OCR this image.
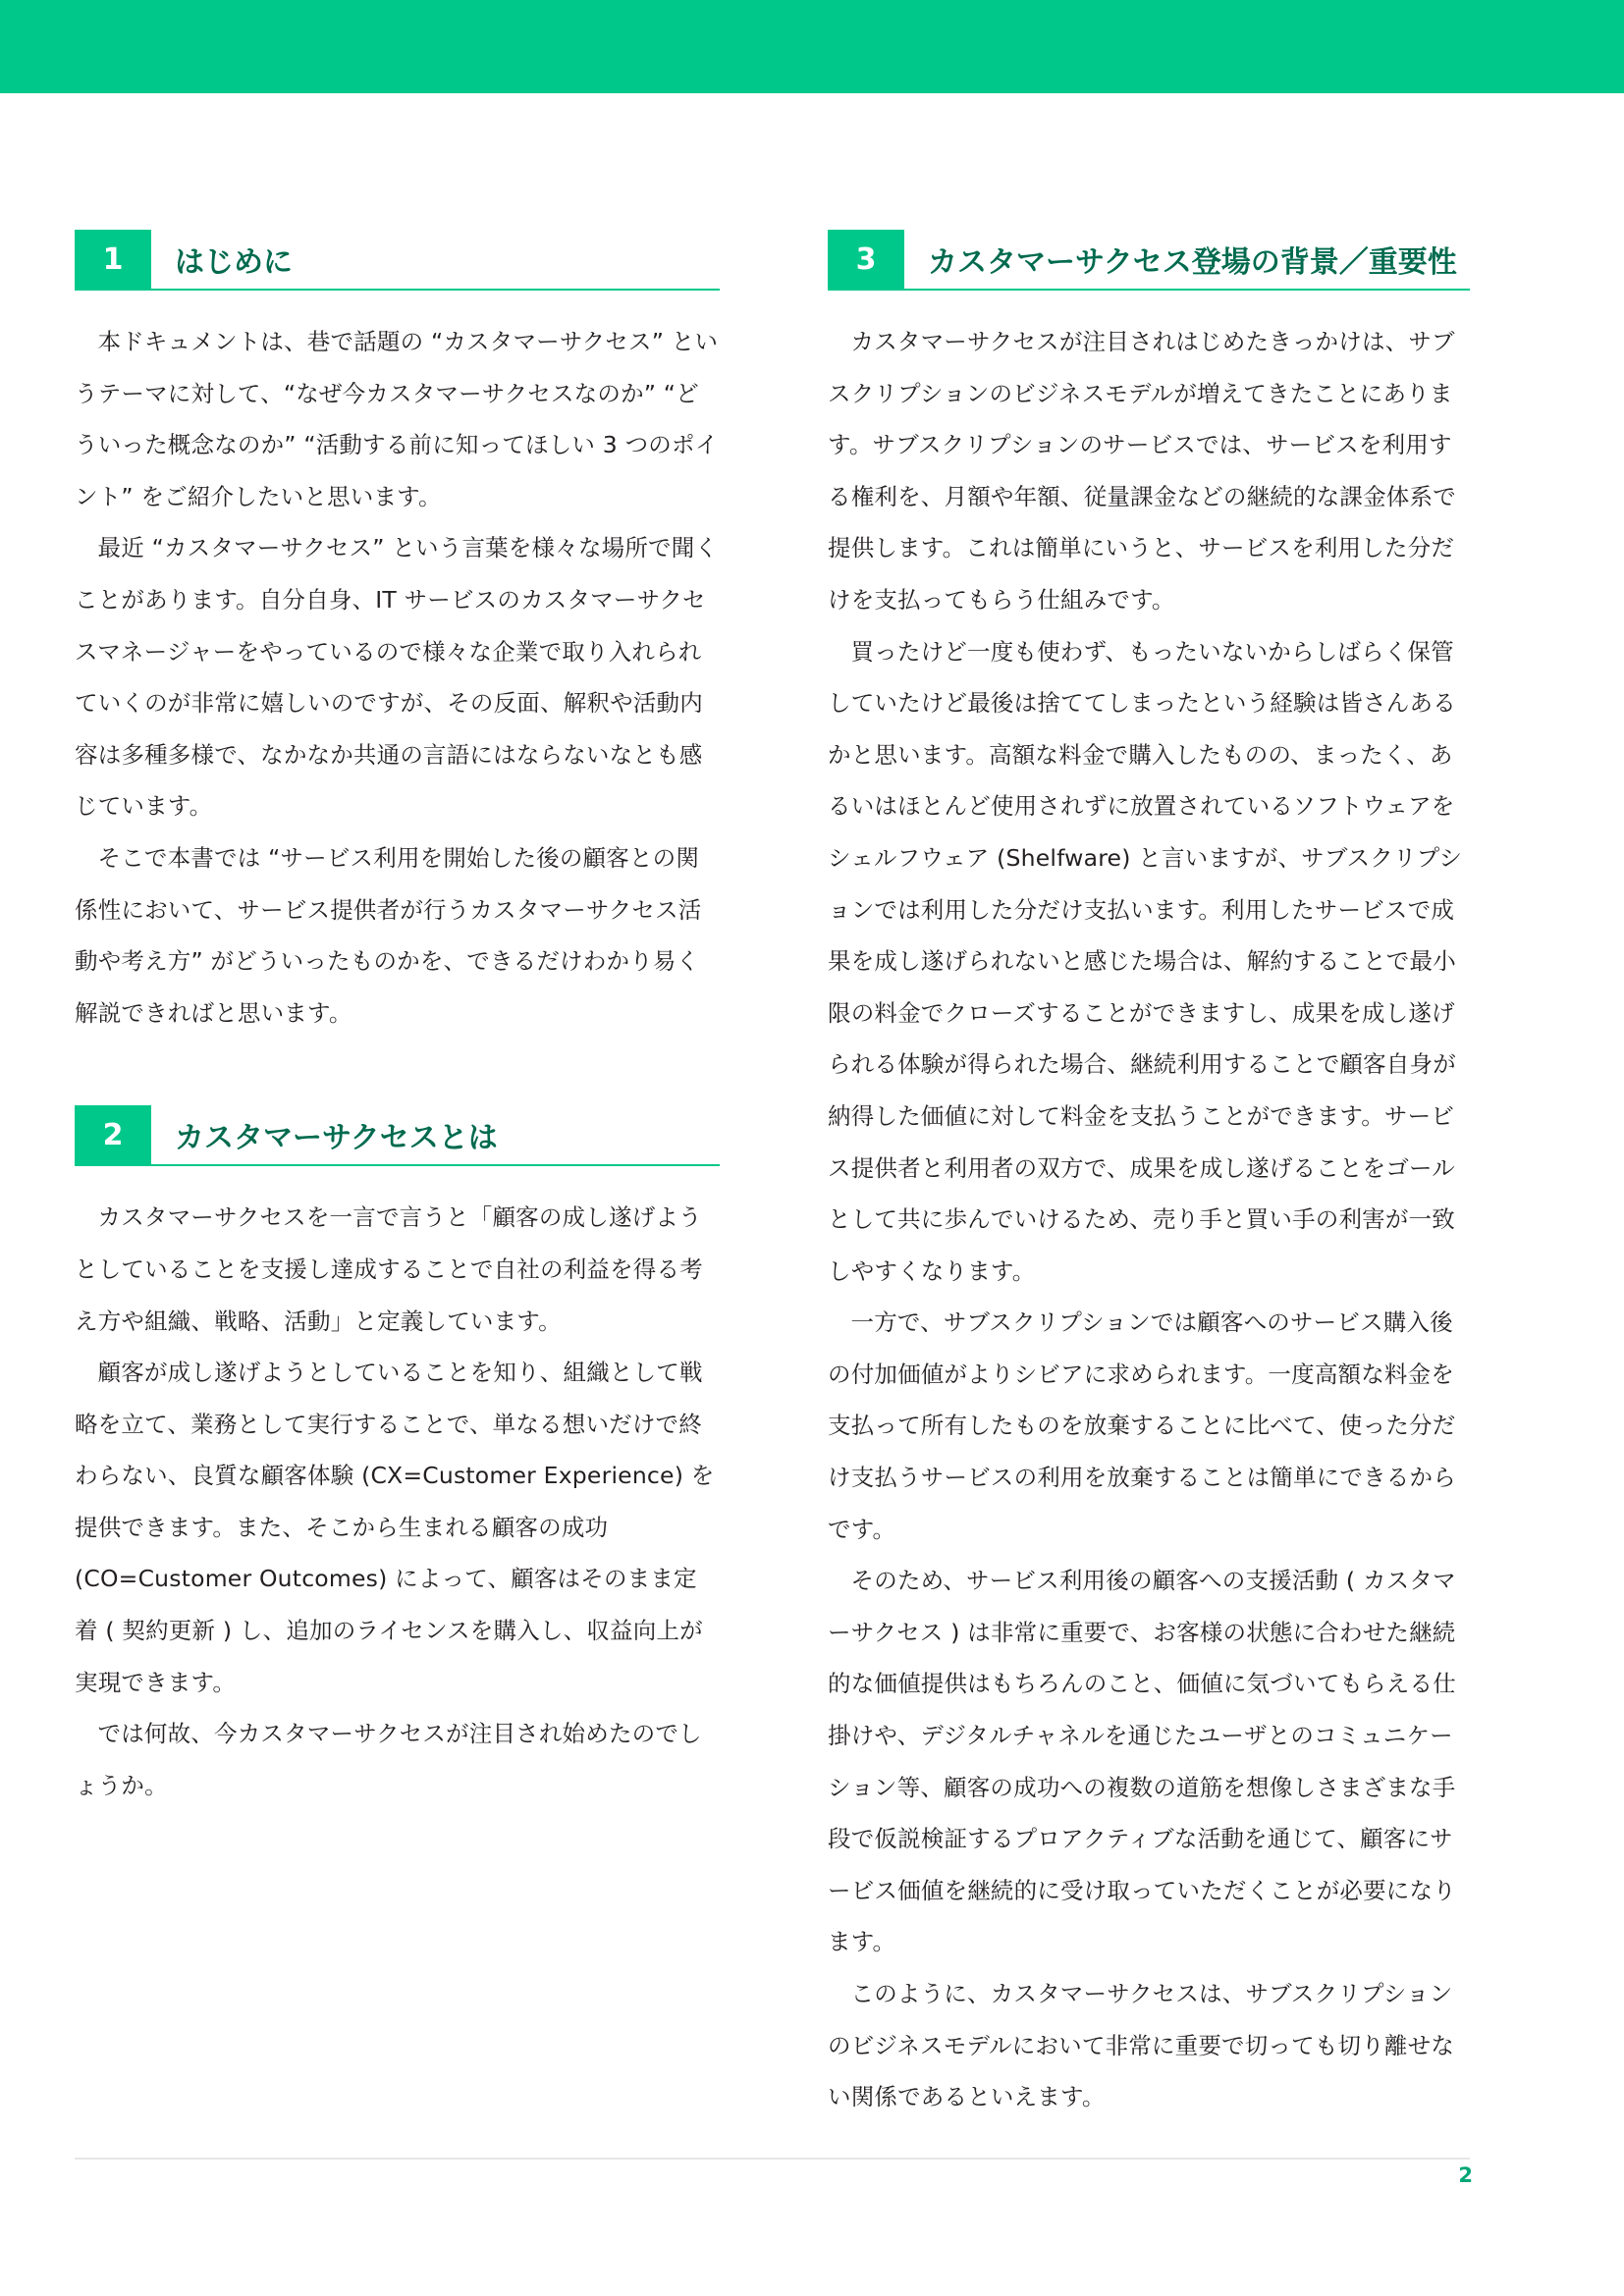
1	はじめに

本ドキュメントは、巷で話題の “カスタマーサクセス” というテーマに対して、“なぜ今カスタマーサクセスなのか” “どういった概念なのか” “活動する前に知ってほしい 3 つのポイント” をご紹介したいと思います。

最近 “カスタマーサクセス” という言葉を様々な場所で聞くことがあります。自分自身、IT サービスのカスタマーサクセスマネージャーをやっているので様々な企業で取り入れられていくのが非常に嬉しいのですが、その反面、解釈や活動内容は多種多様で、なかなか共通の言語にはならないなとも感じています。

そこで本書では “サービス利用を開始した後の顧客との関係性において、サービス提供者が行うカスタマーサクセス活動や考え方” がどういったものかを、できるだけわかり易く解説できればと思います。

2	カスタマーサクセスとは

カスタマーサクセスを一言で言うと「顧客の成し遂げようとしていることを支援し達成することで自社の利益を得る考え方や組織、戦略、活動」と定義しています。

顧客が成し遂げようとしていることを知り、組織として戦略を立て、業務として実行することで、単なる想いだけで終わらない、良質な顧客体験 (CX=Customer Experience) を提供できます。また、そこから生まれる顧客の成功 (CO=Customer Outcomes) によって、顧客はそのまま定着 ( 契約更新 ) し、追加のライセンスを購入し、収益向上が実現できます。

では何故、今カスタマーサクセスが注目され始めたのでしょうか。

3	カスタマーサクセス登場の背景／重要性

カスタマーサクセスが注目されはじめたきっかけは、サブスクリプションのビジネスモデルが増えてきたことにあります。サブスクリプションのサービスでは、サービスを利用する権利を、月額や年額、従量課金などの継続的な課金体系で提供します。これは簡単にいうと、サービスを利用した分だけを支払ってもらう仕組みです。

買ったけど一度も使わず、もったいないからしばらく保管していたけど最後は捨ててしまったという経験は皆さんあるかと思います。高額な料金で購入したものの、まったく、あるいはほとんど使用されずに放置されているソフトウェアをシェルフウェア (Shelfware) と言いますが、サブスクリプションでは利用した分だけ支払います。利用したサービスで成果を成し遂げられないと感じた場合は、解約することで最小限の料金でクローズすることができますし、成果を成し遂げられる体験が得られた場合、継続利用することで顧客自身が納得した価値に対して料金を支払うことができます。サービス提供者と利用者の双方で、成果を成し遂げることをゴールとして共に歩んでいけるため、売り手と買い手の利害が一致しやすくなります。

一方で、サブスクリプションでは顧客へのサービス購入後の付加価値がよりシビアに求められます。一度高額な料金を支払って所有したものを放棄することに比べて、使った分だけ支払うサービスの利用を放棄することは簡単にできるからです。

そのため、サービス利用後の顧客への支援活動 ( カスタマーサクセス ) は非常に重要で、お客様の状態に合わせた継続的な価値提供はもちろんのこと、価値に気づいてもらえる仕掛けや、デジタルチャネルを通じたユーザとのコミュニケーション等、顧客の成功への複数の道筋を想像しさまざまな手段で仮説検証するプロアクティブな活動を通じて、顧客にサービス価値を継続的に受け取っていただくことが必要になります。

このように、カスタマーサクセスは、サブスクリプションのビジネスモデルにおいて非常に重要で切っても切り離せない関係であるといえます。

2
